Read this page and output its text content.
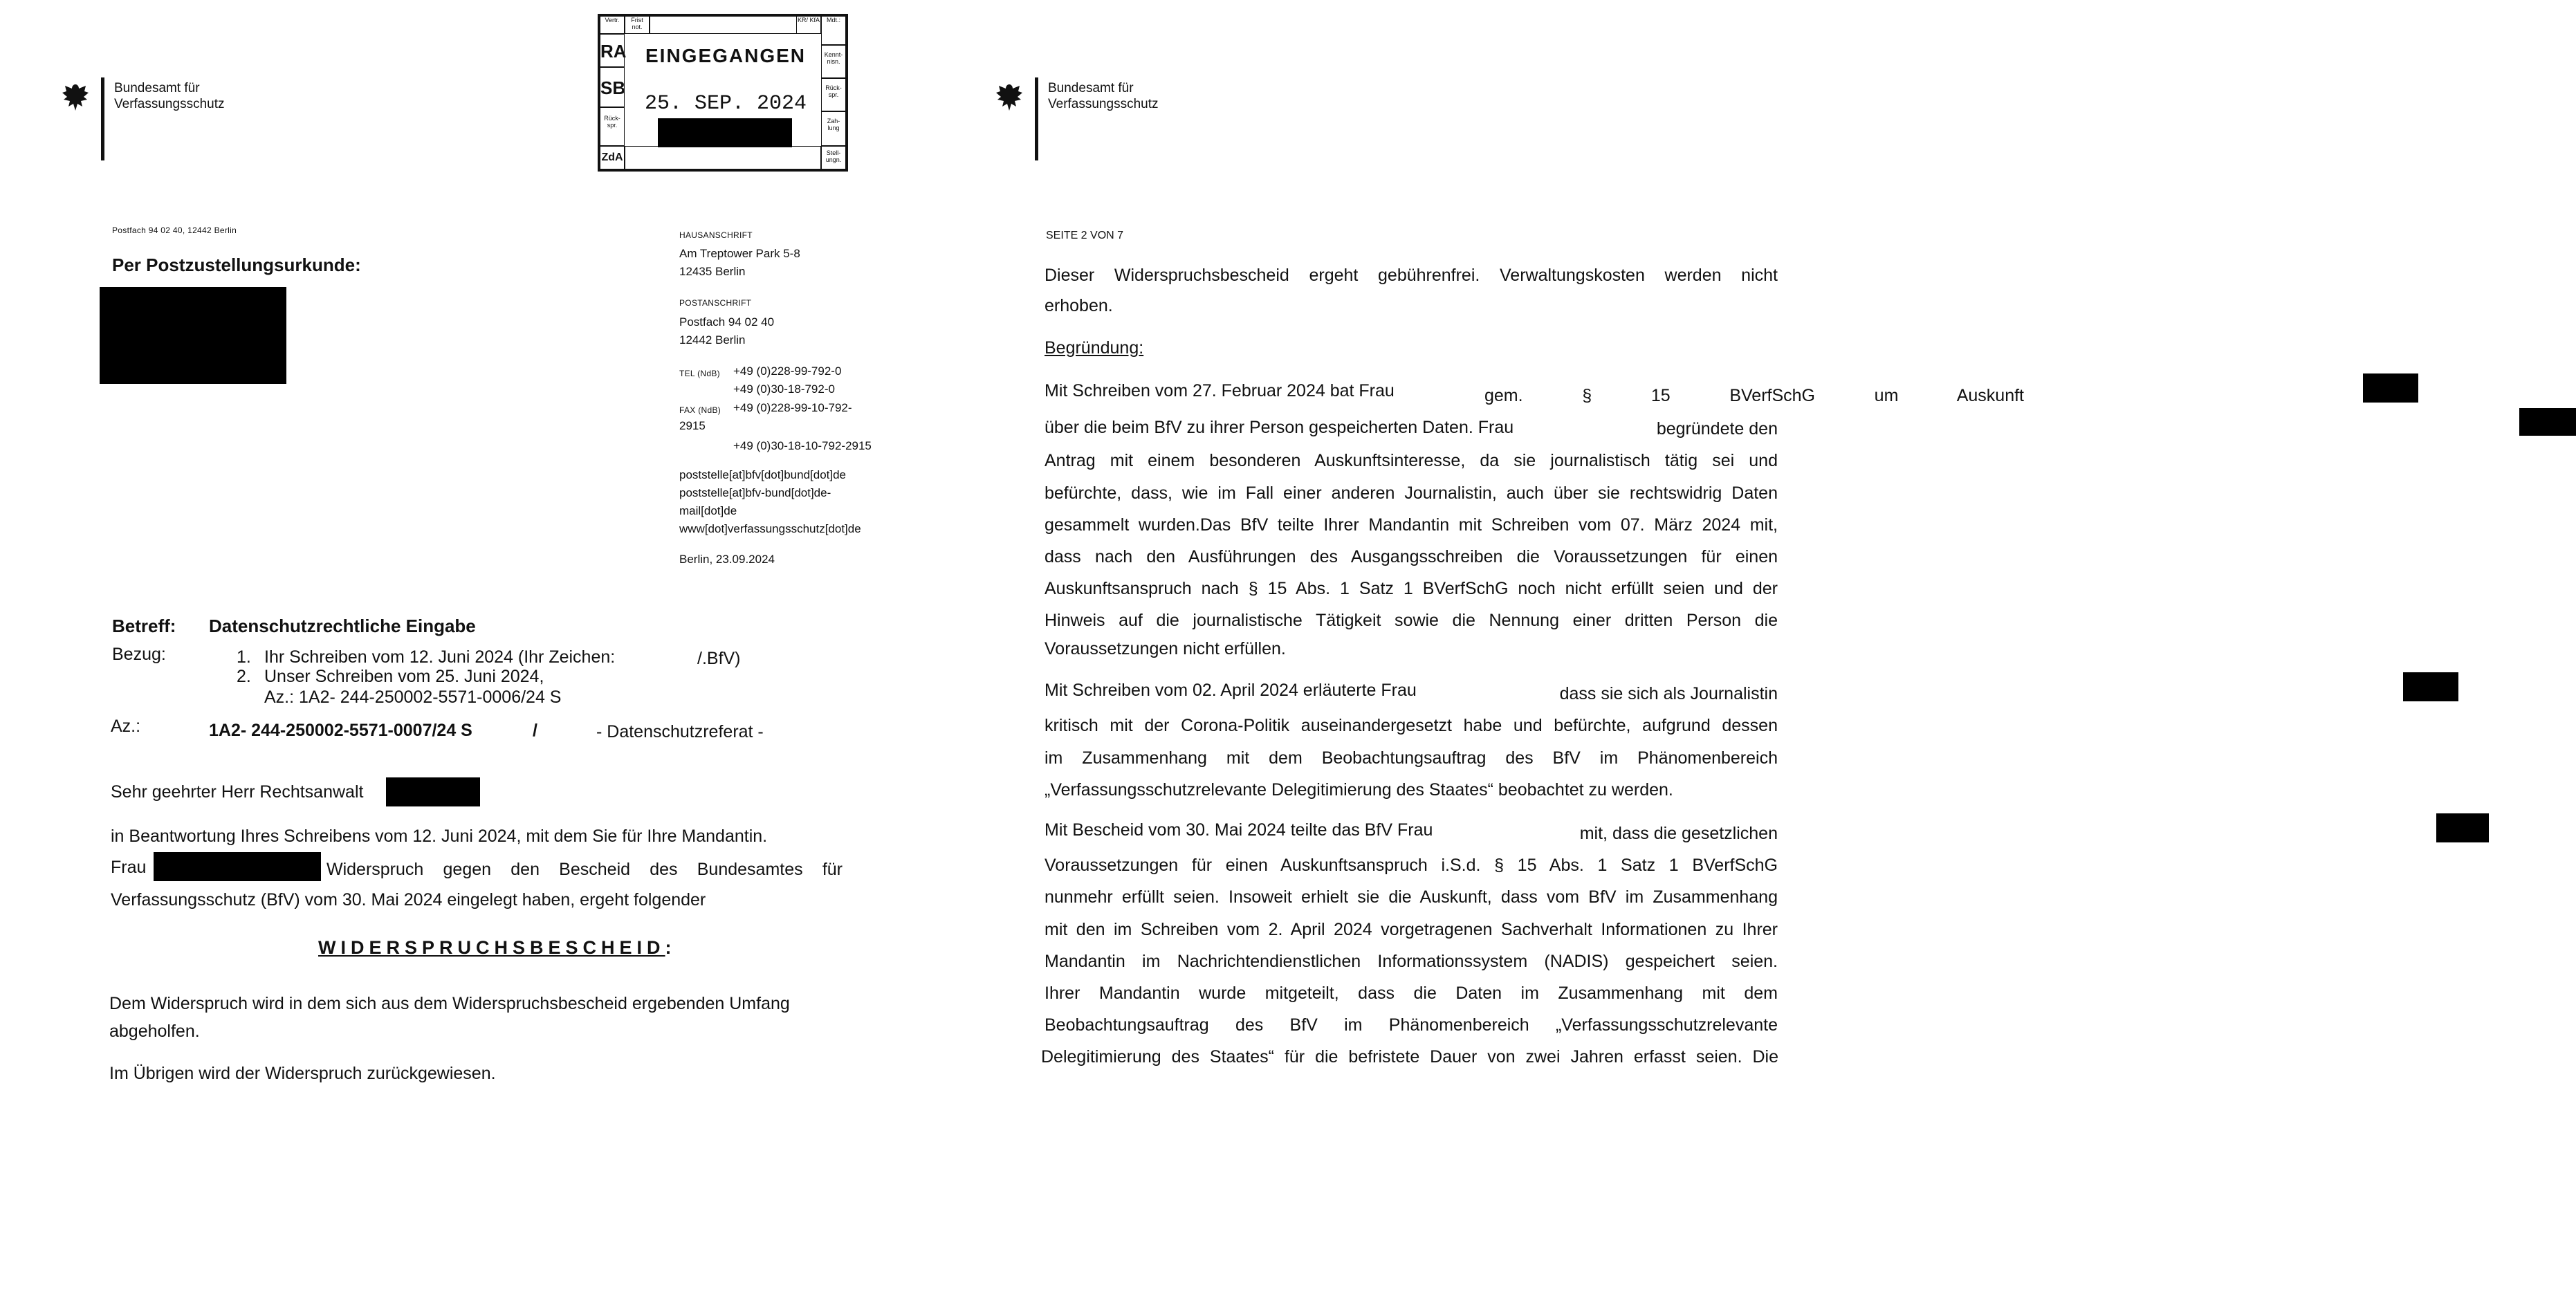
Bundesamt für
Verfassungsschutz
Vertr.	Frist not.
KR/ KfA	Mdt.:
RA	Kennt-nisn.
SB	Rück-spr.
Rück-spr.
Zah-lung
ZdA	Stell-ungn.
EINGEGANGEN
25. SEP. 2024
Postfach 94 02 40, 12442 Berlin
Per Postzustellungsurkunde:
HAUSANSCHRIFT
Am Treptower Park 5-8
12435 Berlin
POSTANSCHRIFT
Postfach 94 02 40
12442 Berlin
TEL (NdB) +49 (0)228-99-792-0
+49 (0)30-18-792-0
FAX (NdB) +49 (0)228-99-10-792-
2915
+49 (0)30-18-10-792-2915
poststelle[at]bfv[dot]bund[dot]de
poststelle[at]bfv-bund[dot]de-
mail[dot]de
www[dot]verfassungsschutz[dot]de
Berlin, 23.09.2024
Betreff: Datenschutzrechtliche Eingabe
Bezug:	1. Ihr Schreiben vom 12. Juni 2024 (Ihr Zeichen:	/.BfV)
2. Unser Schreiben vom 25. Juni 2024,
Az.: 1A2- 244-250002-5571-0006/24 S
Az.:	1A2- 244-250002-5571-0007/24 S	/	- Datenschutzreferat -
Sehr geehrter Herr Rechtsanwalt
in Beantwortung Ihres Schreibens vom 12. Juni 2024, mit dem Sie für Ihre Mandantin.
Frau	Widerspruch gegen den Bescheid des Bundesamtes für
Verfassungsschutz (BfV) vom 30. Mai 2024 eingelegt haben, ergeht folgender
WIDERSPRUCHSBESCHEID:
Dem Widerspruch wird in dem sich aus dem Widerspruchsbescheid ergebenden Umfang
abgeholfen.
Im Übrigen wird der Widerspruch zurückgewiesen.
Bundesamt für
Verfassungsschutz
SEITE 2 VON 7
Dieser Widerspruchsbescheid ergeht gebührenfrei. Verwaltungskosten werden nicht
erhoben.
Begründung:
Mit Schreiben vom 27. Februar 2024 bat Frau	gem. § 15 BVerfSchG um Auskunft
über die beim BfV zu ihrer Person gespeicherten Daten. Frau	begründete den
Antrag mit einem besonderen Auskunftsinteresse, da sie journalistisch tätig sei und
befürchte, dass, wie im Fall einer anderen Journalistin, auch über sie rechtswidrig Daten
gesammelt wurden.Das BfV teilte Ihrer Mandantin mit Schreiben vom 07. März 2024 mit,
dass nach den Ausführungen des Ausgangsschreiben die Voraussetzungen für einen
Auskunftsanspruch nach § 15 Abs. 1 Satz 1 BVerfSchG noch nicht erfüllt seien und der
Hinweis auf die journalistische Tätigkeit sowie die Nennung einer dritten Person die
Voraussetzungen nicht erfüllen.
Mit Schreiben vom 02. April 2024 erläuterte Frau	dass sie sich als Journalistin
kritisch mit der Corona-Politik auseinandergesetzt habe und befürchte, aufgrund dessen
im Zusammenhang mit dem Beobachtungsauftrag des BfV im Phänomenbereich
„Verfassungsschutzrelevante Delegitimierung des Staates“ beobachtet zu werden.
Mit Bescheid vom 30. Mai 2024 teilte das BfV Frau	mit, dass die gesetzlichen
Voraussetzungen für einen Auskunftsanspruch i.S.d. § 15 Abs. 1 Satz 1 BVerfSchG
nunmehr erfüllt seien. Insoweit erhielt sie die Auskunft, dass vom BfV im Zusammenhang
mit den im Schreiben vom 2. April 2024 vorgetragenen Sachverhalt Informationen zu Ihrer
Mandantin im Nachrichtendienstlichen Informationssystem (NADIS) gespeichert seien.
Ihrer Mandantin wurde mitgeteilt, dass die Daten im Zusammenhang mit dem
Beobachtungsauftrag des BfV im Phänomenbereich „Verfassungsschutzrelevante
Delegitimierung des Staates“ für die befristete Dauer von zwei Jahren erfasst seien. Die
